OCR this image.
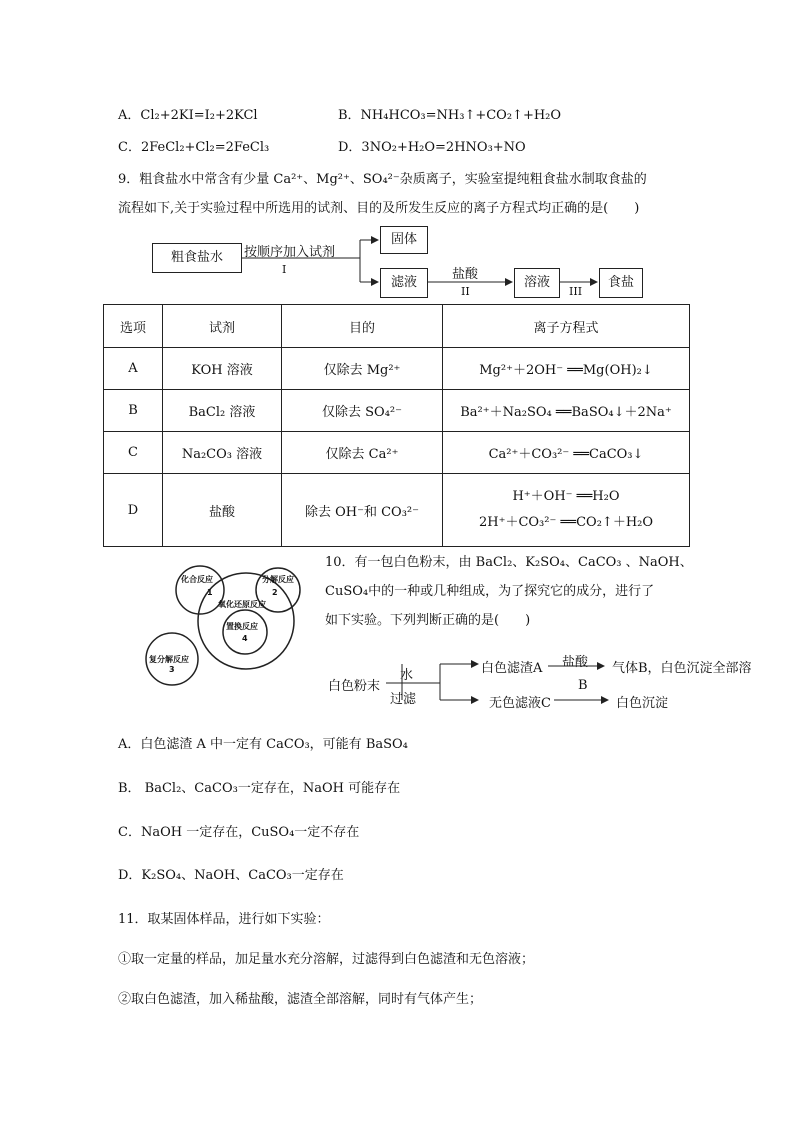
A．Cl₂+2KI=I₂+2KCl	B．NH₄HCO₃=NH₃↑+CO₂↑+H₂O
C．2FeCl₂+Cl₂=2FeCl₃	D．3NO₂+H₂O=2HNO₃+NO
9．粗食盐水中常含有少量 Ca²⁺、Mg²⁺、SO₄²⁻杂质离子，实验室提纯粗食盐水制取食盐的
流程如下,关于实验过程中所选用的试剂、目的及所发生反应的离子方程式均正确的是(　　)
粗食盐水	按顺序加入试剂
I
固体
滤液
盐酸
II
溶液
III
食盐
选项	试剂	目的	离子方程式
A	KOH 溶液	仅除去 Mg²⁺	Mg²⁺＋2OH⁻ ══Mg(OH)₂↓
B	BaCl₂ 溶液	仅除去 SO₄²⁻	Ba²⁺＋Na₂SO₄ ══BaSO₄↓＋2Na⁺
C	Na₂CO₃ 溶液	仅除去 Ca²⁺	Ca²⁺＋CO₃²⁻ ══CaCO₃↓
D	盐酸	除去 OH⁻和 CO₃²⁻	H⁺＋OH⁻ ══H₂O
2H⁺＋CO₃²⁻ ══CO₂↑＋H₂O
化合反应
1
分解反应
2
氧化还原反应
置换反应
4
复分解反应
3
10．有一包白色粉末，由 BaCl₂、K₂SO₄、CaCO₃ 、NaOH、
CuSO₄中的一种或几种组成，为了探究它的成分，进行了
如下实验。下列判断正确的是(　　)
白色粉末
水
过滤
白色滤渣A 盐酸 气体B，白色沉淀全部溶
无色滤液C
B
白色沉淀
A．白色滤渣 A 中一定有 CaCO₃，可能有 BaSO₄
B． BaCl₂、CaCO₃一定存在，NaOH 可能存在
C．NaOH 一定存在，CuSO₄一定不存在
D．K₂SO₄、NaOH、CaCO₃一定存在
11．取某固体样品，进行如下实验：
①取一定量的样品，加足量水充分溶解，过滤得到白色滤渣和无色溶液；
②取白色滤渣，加入稀盐酸，滤渣全部溶解，同时有气体产生；
